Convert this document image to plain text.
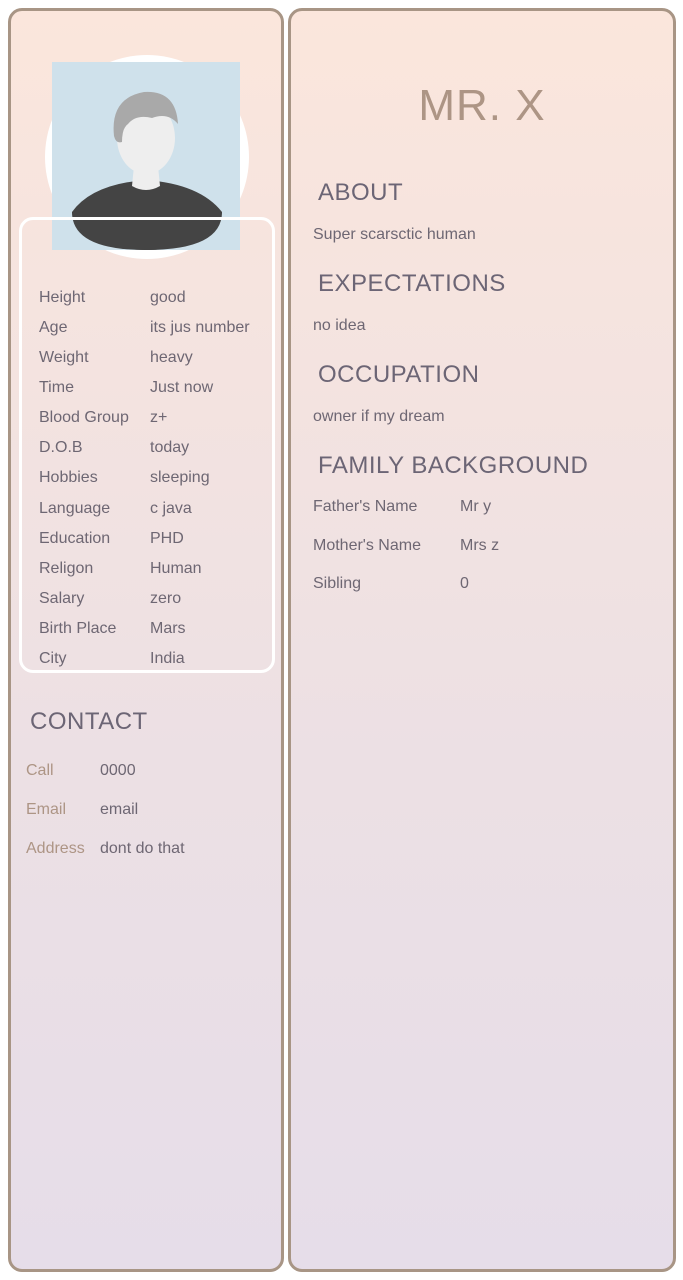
Height	good
Age	its jus number
Weight	heavy
Time	Just now
Blood Group z+
D.O.B	today
Hobbies	sleeping
Language c java
Education PHD
Religon	Human
Salary	zero
Birth Place Mars
City	India
CONTACT
Call	0000
Email email
Address dont do that
MR. X
ABOUT
Super scarsctic human
EXPECTATIONS
no idea
OCCUPATION
owner if my dream
FAMILY BACKGROUND
Father's Name	Mr y
Mother's Name Mrs z
Sibling	0
